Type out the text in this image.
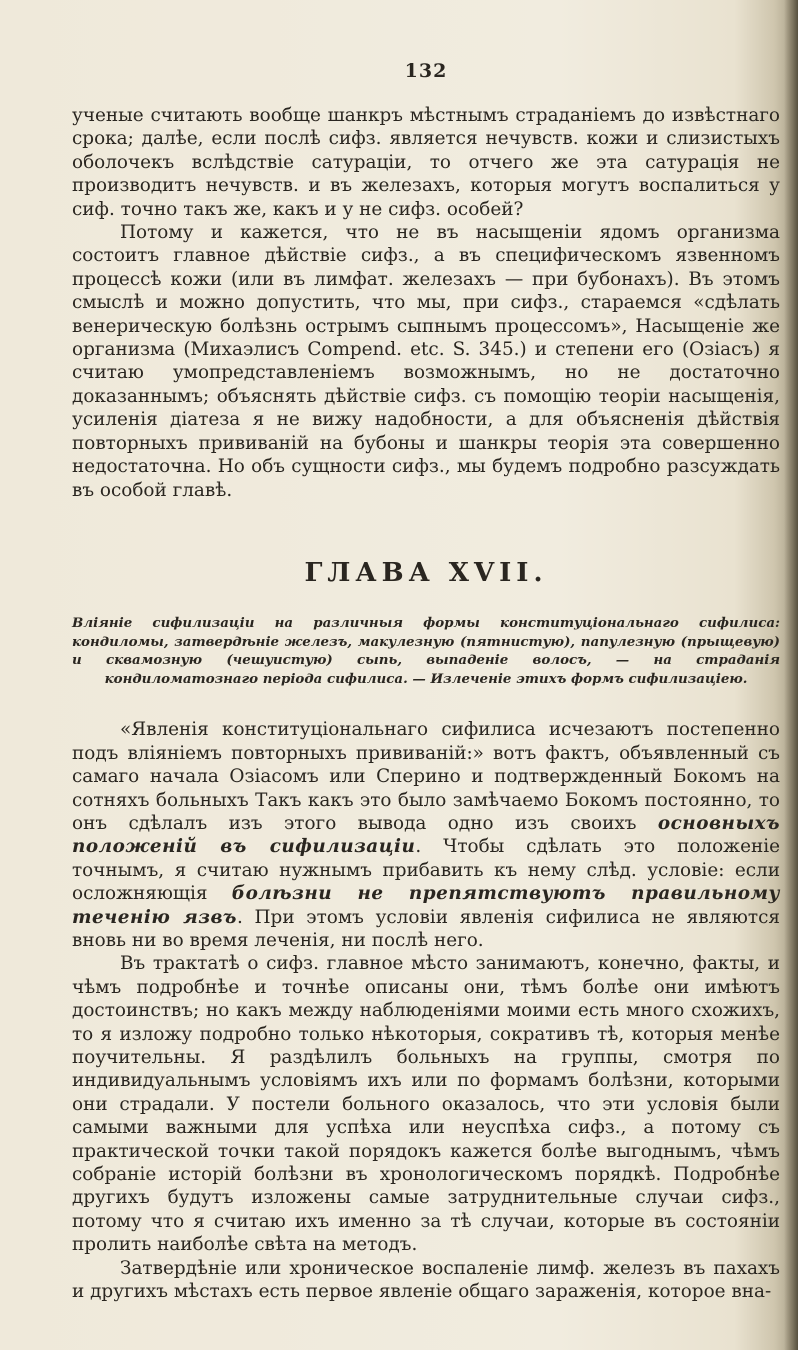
132

ученые считають вообще шанкръ мѣстнымъ страданiемъ до извѣстнаго срока; далѣе, если послѣ сифз. является нечувств. кожи и слизистыхъ оболочекъ вслѣдствiе сатурацiи, то отчего же эта сатурацiя не производитъ нечувств. и въ железахъ, которыя могутъ воспалиться у сиф. точно такъ же, какъ и у не сифз. особей?

Потому и кажется, что не въ насыщенiи ядомъ организма состоитъ главное дѣйствiе сифз., а въ специфическомъ язвенномъ процессѣ кожи (или въ лимфат. железахъ — при бубонахъ). Въ этомъ смыслѣ и можно допустить, что мы, при сифз., стараемся «сдѣлать венерическую болѣзнь острымъ сыпнымъ процессомъ», Насыщенiе же организма (Михаэлисъ Compend. etc. S. 345.) и степени его (Озiасъ) я считаю умопредставленiемъ возможнымъ, но не достаточно доказаннымъ; объяснять дѣйствiе сифз. съ помощiю теорiи насыщенiя, усиленiя дiатеза я не вижу надобности, а для объясненiя дѣйствiя повторныхъ прививанiй на бубоны и шанкры теорiя эта совершенно недостаточна. Но объ сущности сифз., мы будемъ подробно разсуждать въ особой главѣ.

ГЛАВА XVII.
Влiянiе сифилизацiи на различныя формы конституцiональнаго сифилиса: кондиломы, затвердѣнiе железъ, макулезную (пятнистую), папулезную (прыщевую) и сквамозную (чешуистую) сыпь, выпаденiе волосъ, — на страданiя кондиломатознаго перiода сифилиса. — Излеченiе этихъ формъ сифилизацiею.

«Явленiя конституцiональнаго сифилиса исчезаютъ постепенно подъ влiянiемъ повторныхъ прививанiй:» вотъ фактъ, объявленный съ самаго начала Озiасомъ или Сперино и подтвержденный Бокомъ на сотняхъ больныхъ Такъ какъ это было замѣчаемо Бокомъ постоянно, то онъ сдѣлалъ изъ этого вывода одно изъ своихъ основныхъ положенiй въ сифилизацiи. Чтобы сдѣлать это положенiе точнымъ, я считаю нужнымъ прибавить къ нему слѣд. условiе: если осложняющiя болѣзни не препятствуютъ правильному теченiю язвъ. При этомъ условiи явленiя сифилиса не являются вновь ни во время леченiя, ни послѣ него.

Въ трактатѣ о сифз. главное мѣсто занимаютъ, конечно, факты, и чѣмъ подробнѣе и точнѣе описаны они, тѣмъ болѣе они имѣютъ достоинствъ; но какъ между наблюденiями моими есть много схожихъ, то я изложу подробно только нѣкоторыя, сокративъ тѣ, которыя менѣе поучительны. Я раздѣлилъ больныхъ на группы, смотря по индивидуальнымъ условiямъ ихъ или по формамъ болѣзни, которыми они страдали. У постели больного оказалось, что эти условiя были самыми важными для успѣха или неуспѣха сифз., а потому съ практической точки такой порядокъ кажется болѣе выгоднымъ, чѣмъ собранiе исторiй болѣзни въ хронологическомъ порядкѣ. Подробнѣе другихъ будутъ изложены самые затруднительные случаи сифз., потому что я считаю ихъ именно за тѣ случаи, которые въ состоянiи пролить наиболѣе свѣта на методъ.

Затвердѣнiе или хроническое воспаленiе лимф. железъ въ пахахъ и другихъ мѣстахъ есть первое явленiе общаго зараженiя, которое вна-
